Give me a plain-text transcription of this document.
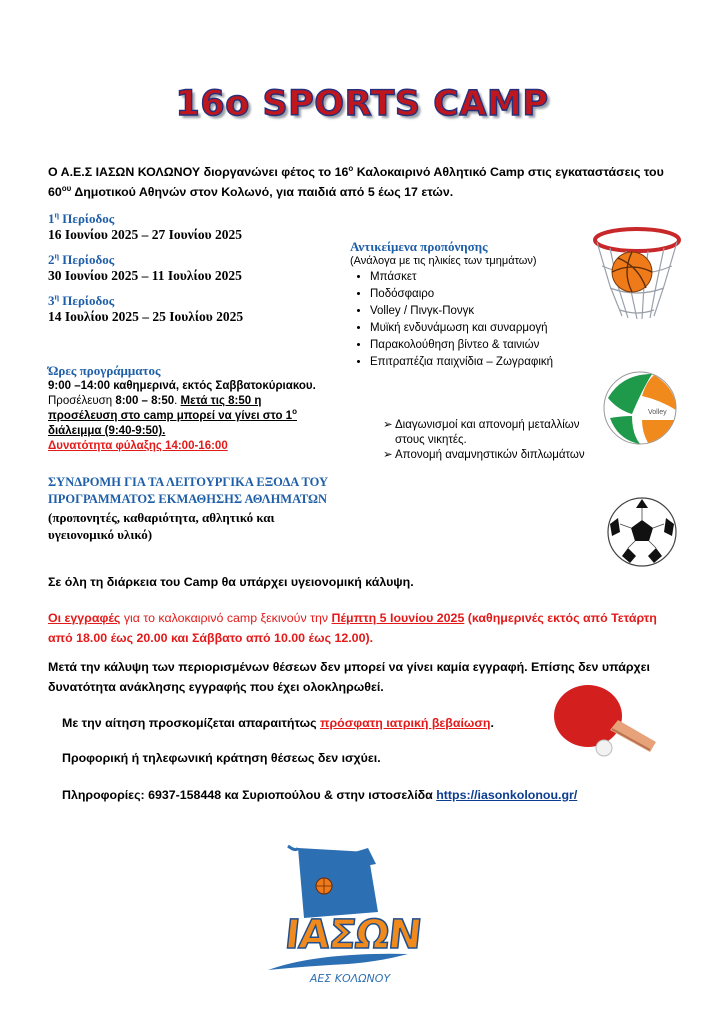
16o SPORTS CAMP
Ο Α.Ε.Σ ΙΑΣΩΝ ΚΟΛΩΝΟΥ διοργανώνει φέτος το $16^o$ Καλοκαιρινό Αθλητικό Camp στις εγκαταστάσεις του $60^{o\upsilon}$ Δημοτικού Αθηνών στον Κολωνό, για παιδιά από 5 έως 17 ετών.
$1^\eta$ Περίοδος
16 Ιουνίου 2025 – 27 Ιουνίου 2025
$2^\eta$ Περίοδος
30 Ιουνίου 2025 – 11 Ιουλίου 2025
$3^\eta$ Περίοδος
14 Ιουλίου 2025 – 25 Ιουλίου 2025
Αντικείμενα προπόνησης
(Ανάλογα με τις ηλικίες των τμημάτων)
• Μπάσκετ
• Ποδόσφαιρο
• Volley / Πινγκ-Πονγκ
• Μυϊκή ενδυνάμωση και συναρμογή
• Παρακολούθηση βίντεο & ταινιών
• Επιτραπέζια παιχνίδια – Ζωγραφική
Ώρες προγράμματος
9:00 –14:00 καθημερινά, εκτός Σαββατοκύριακου.
Προσέλευση 8:00 – 8:50. Μετά τις 8:50 η
προσέλευση στο camp μπορεί να γίνει στο $1^o$
διάλειμμα (9:40-9:50).
Δυνατότητα φύλαξης 14:00-16:00
Volley
➢ Διαγωνισμοί και απονομή μεταλλίων στους νικητές.
➢ Απονομή αναμνηστικών διπλωμάτων
ΣΥΝΔΡΟΜΗ ΓΙΑ ΤΑ ΛΕΙΤΟΥΡΓΙΚΑ ΕΞΟΔΑ ΤΟΥ
ΠΡΟΓΡΑΜΜΑΤΟΣ ΕΚΜΑΘΗΣΗΣ ΑΘΛΗΜΑΤΩΝ
(προπονητές, καθαριότητα, αθλητικό και
υγειονομικό υλικό)
Σε όλη τη διάρκεια του Camp θα υπάρχει υγειονομική κάλυψη.
Οι εγγραφές για το καλοκαιρινό camp ξεκινούν την Πέμπτη 5 Ιουνίου 2025 (καθημερινές εκτός από Τετάρτη από 18.00 έως 20.00 και Σάββατο από 10.00 έως 12.00).
Μετά την κάλυψη των περιορισμένων θέσεων δεν μπορεί να γίνει καμία εγγραφή. Επίσης δεν υπάρχει δυνατότητα ανάκλησης εγγραφής που έχει ολοκληρωθεί.
Με την αίτηση προσκομίζεται απαραιτήτως πρόσφατη ιατρική βεβαίωση.
Προφορική ή τηλεφωνική κράτηση θέσεως δεν ισχύει.
Πληροφορίες: 6937-158448 κα Συριοπούλου & στην ιστοσελίδα https://iasonkolonou.gr/
ΑΕΣ ΚΟΛΩΝΟΥ
ΙΑΣΩΝ
